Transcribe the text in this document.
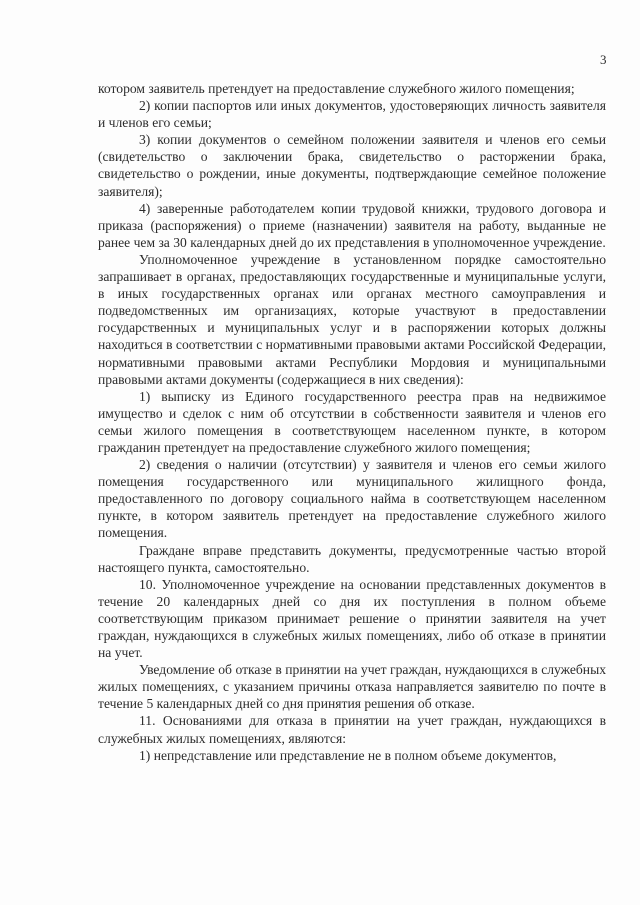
3

котором заявитель претендует на предоставление служебного жилого помещения;

2) копии паспортов или иных документов, удостоверяющих личность заявителя и членов его семьи;

3) копии документов о семейном положении заявителя и членов его семьи (свидетельство о заключении брака, свидетельство о расторжении брака, свидетельство о рождении, иные документы, подтверждающие семейное положение заявителя);

4) заверенные работодателем копии трудовой книжки, трудового договора и приказа (распоряжения) о приеме (назначении) заявителя на работу, выданные не ранее чем за 30 календарных дней до их представления в уполномоченное учреждение.

Уполномоченное учреждение в установленном порядке самостоятельно запрашивает в органах, предоставляющих государственные и муниципальные услуги, в иных государственных органах или органах местного самоуправления и подведомственных им организациях, которые участвуют в предоставлении государственных и муниципальных услуг и в распоряжении которых должны находиться в соответствии с нормативными правовыми актами Российской Федерации, нормативными правовыми актами Республики Мордовия и муниципальными правовыми актами документы (содержащиеся в них сведения):

1) выписку из Единого государственного реестра прав на недвижимое имущество и сделок с ним об отсутствии в собственности заявителя и членов его семьи жилого помещения в соответствующем населенном пункте, в котором гражданин претендует на предоставление служебного жилого помещения;

2) сведения о наличии (отсутствии) у заявителя и членов его семьи жилого помещения государственного или муниципального жилищного фонда, предоставленного по договору социального найма в соответствующем населенном пункте, в котором заявитель претендует на предоставление служебного жилого помещения.

Граждане вправе представить документы, предусмотренные частью второй настоящего пункта, самостоятельно.

10. Уполномоченное учреждение на основании представленных документов в течение 20 календарных дней со дня их поступления в полном объеме соответствующим приказом принимает решение о принятии заявителя на учет граждан, нуждающихся в служебных жилых помещениях, либо об отказе в принятии на учет.

Уведомление об отказе в принятии на учет граждан, нуждающихся в служебных жилых помещениях, с указанием причины отказа направляется заявителю по почте в течение 5 календарных дней со дня принятия решения об отказе.

11. Основаниями для отказа в принятии на учет граждан, нуждающихся в служебных жилых помещениях, являются:

1) непредставление или представление не в полном объеме документов,
